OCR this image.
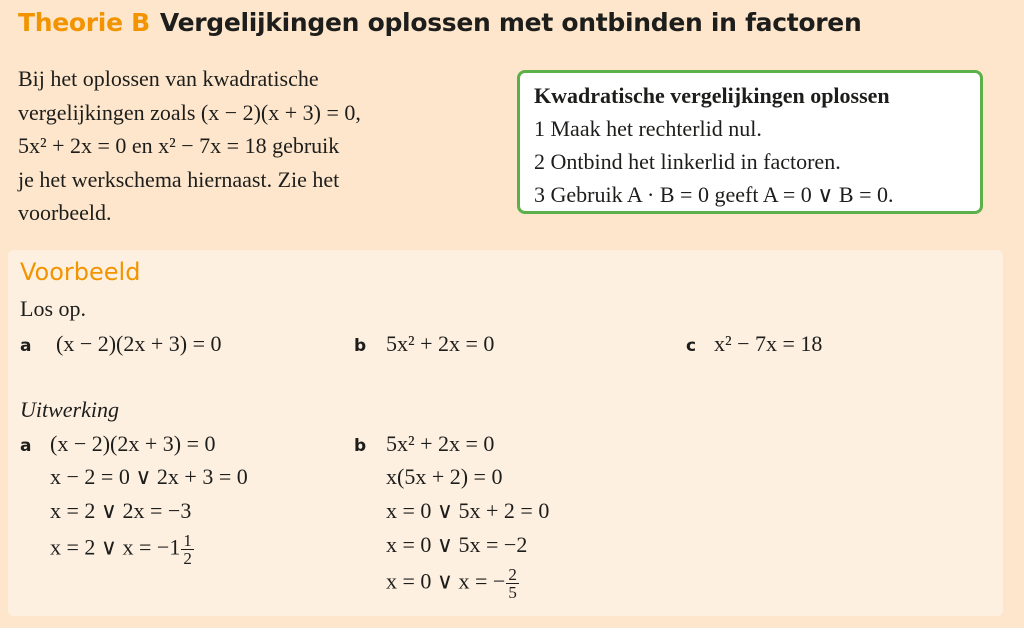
Theorie B Vergelijkingen oplossen met ontbinden in factoren

Bij het oplossen van kwadratische

vergelijkingen zoals (x − 2)(x + 3) = 0,

5x² + 2x = 0 en x² − 7x = 18 gebruik

je het werkschema hiernaast. Zie het

voorbeeld.

Kwadratische vergelijkingen oplossen
1 Maak het rechterlid nul.
2 Ontbind het linkerlid in factoren.
3 Gebruik A · B = 0 geeft A = 0 ∨ B = 0.
Voorbeeld
Los op.
a (x − 2)(2x + 3) = 0	b 5x² + 2x = 0	c x² − 7x = 18
Uitwerking
a (x − 2)(2x + 3) = 0
x − 2 = 0 ∨ 2x + 3 = 0
x = 2 ∨ 2x = −3
x = 2 ∨ $x = -1 \frac{1}{2}$
b 5x² + 2x = 0
x(5x + 2) = 0
x = 0 ∨ 5x + 2 = 0
x = 0 ∨ 5x = −2
x = 0 ∨ x = − $\frac{2}{5}$
